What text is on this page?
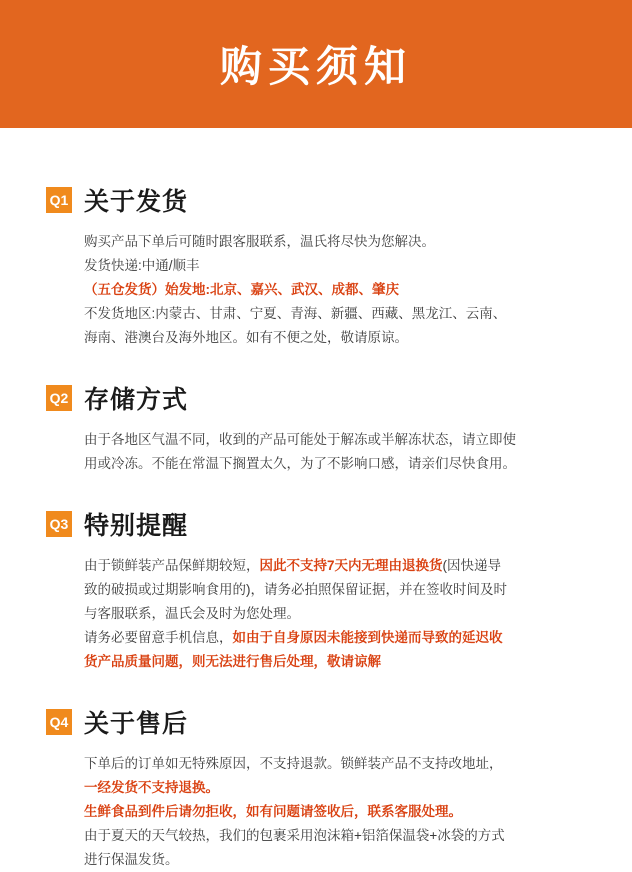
购买须知
Q1 关于发货

购买产品下单后可随时跟客服联系，温氏将尽快为您解决。

发货快递:中通/顺丰

（五仓发货）始发地:北京、嘉兴、武汉、成都、肇庆

不发货地区:内蒙古、甘肃、宁夏、青海、新疆、西藏、黑龙江、云南、

海南、港澳台及海外地区。如有不便之处，敬请原谅。

Q2 存储方式

由于各地区气温不同，收到的产品可能处于解冻或半解冻状态，请立即使

用或冷冻。不能在常温下搁置太久，为了不影响口感，请亲们尽快食用。

Q3 特别提醒

由于锁鲜装产品保鲜期较短，因此不支持7天内无理由退换货(因快递导

致的破损或过期影响食用的)，请务必拍照保留证据，并在签收时间及时

与客服联系，温氏会及时为您处理。

请务必要留意手机信息，如由于自身原因未能接到快递而导致的延迟收

货产品质量问题，则无法进行售后处理，敬请谅解

Q4 关于售后

下单后的订单如无特殊原因，不支持退款。锁鲜装产品不支持改地址，

一经发货不支持退换。

生鲜食品到件后请勿拒收，如有问题请签收后，联系客服处理。

由于夏天的天气较热，我们的包裹采用泡沫箱+铝箔保温袋+冰袋的方式

进行保温发货。
